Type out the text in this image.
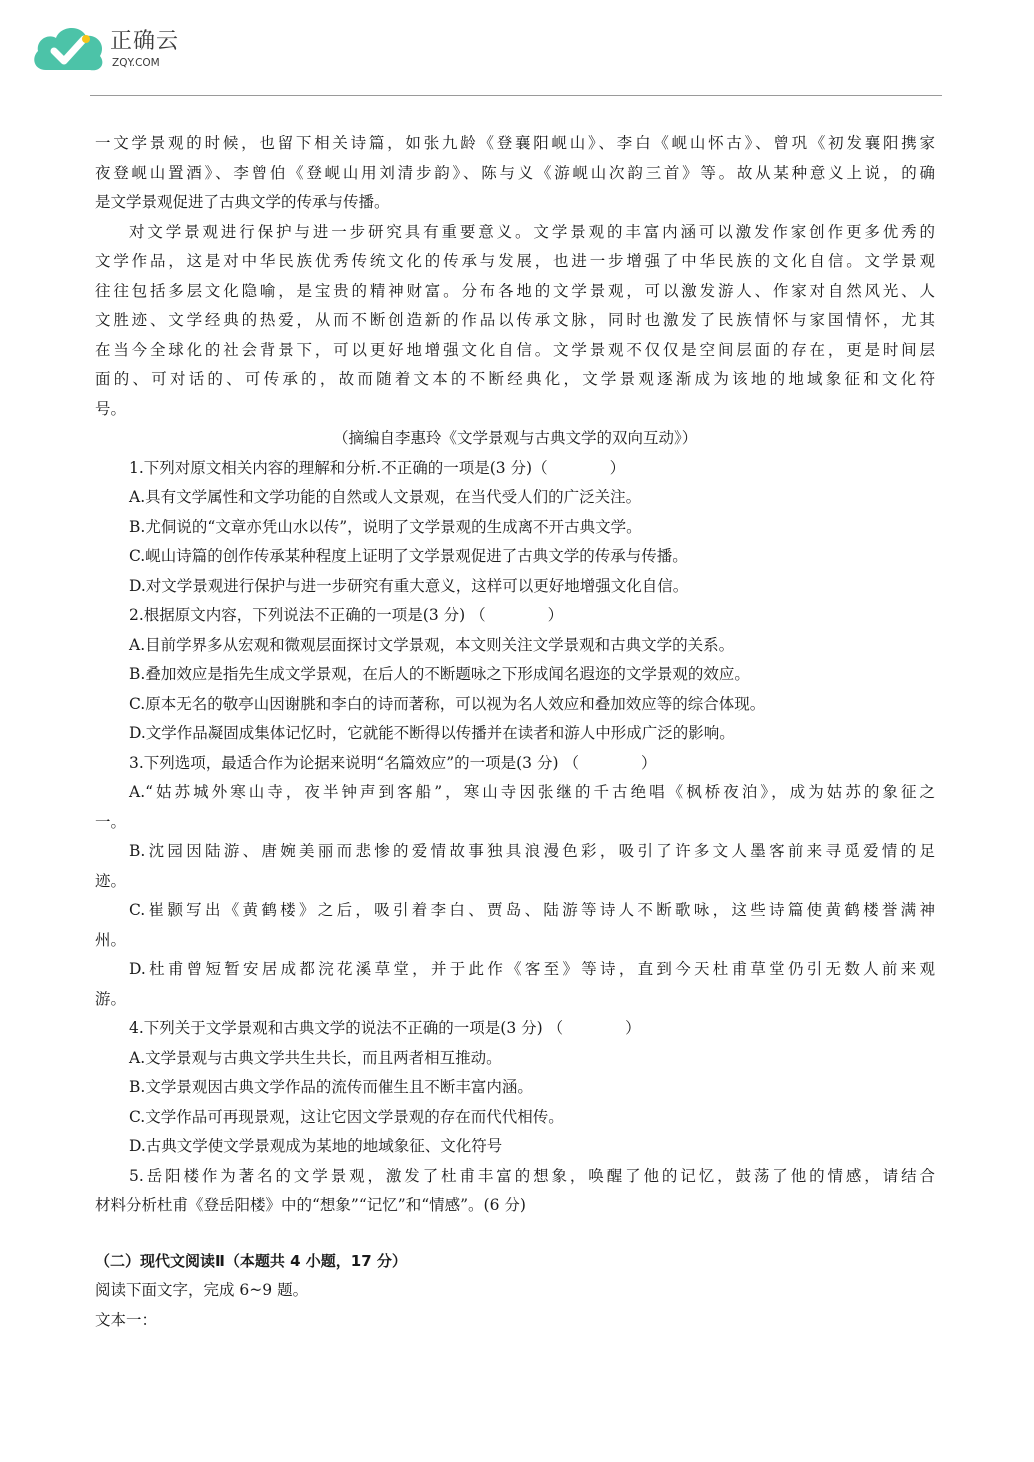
正确云
ZQY.COM
一文学景观的时候，也留下相关诗篇，如张九龄《登襄阳岘山》、李白《岘山怀古》、曾巩《初发襄阳携家
夜登岘山置酒》、李曾伯《登岘山用刘清步韵》、陈与义《游岘山次韵三首》等。故从某种意义上说，的确
是文学景观促进了古典文学的传承与传播。
对文学景观进行保护与进一步研究具有重要意义。文学景观的丰富内涵可以激发作家创作更多优秀的
文学作品，这是对中华民族优秀传统文化的传承与发展，也进一步增强了中华民族的文化自信。文学景观
往往包括多层文化隐喻，是宝贵的精神财富。分布各地的文学景观，可以激发游人、作家对自然风光、人
文胜迹、文学经典的热爱，从而不断创造新的作品以传承文脉，同时也激发了民族情怀与家国情怀，尤其
在当今全球化的社会背景下，可以更好地增强文化自信。文学景观不仅仅是空间层面的存在，更是时间层
面的、可对话的、可传承的，故而随着文本的不断经典化，文学景观逐渐成为该地的地域象征和文化符
号。
（摘编自李惠玲《文学景观与古典文学的双向互动》）
1.下列对原文相关内容的理解和分析.不正确的一项是(3 分)（　　　　）
A.具有文学属性和文学功能的自然或人文景观，在当代受人们的广泛关注。
B.尤侗说的“文章亦凭山水以传”，说明了文学景观的生成离不开古典文学。
C.岘山诗篇的创作传承某种程度上证明了文学景观促进了古典文学的传承与传播。
D.对文学景观进行保护与进一步研究有重大意义，这样可以更好地增强文化自信。
2.根据原文内容，下列说法不正确的一项是(3 分) （　　　　）
A.目前学界多从宏观和微观层面探讨文学景观，本文则关注文学景观和古典文学的关系。
B.叠加效应是指先生成文学景观，在后人的不断题咏之下形成闻名遐迩的文学景观的效应。
C.原本无名的敬亭山因谢朓和李白的诗而著称，可以视为名人效应和叠加效应等的综合体现。
D.文学作品凝固成集体记忆时，它就能不断得以传播并在读者和游人中形成广泛的影响。
3.下列选项，最适合作为论据来说明“名篇效应”的一项是(3 分) （　　　　）
A.“姑苏城外寒山寺，夜半钟声到客船”，寒山寺因张继的千古绝唱《枫桥夜泊》，成为姑苏的象征之
一。
B.沈园因陆游、唐婉美丽而悲惨的爱情故事独具浪漫色彩，吸引了许多文人墨客前来寻觅爱情的足
迹。
C.崔颢写出《黄鹤楼》之后，吸引着李白、贾岛、陆游等诗人不断歌咏，这些诗篇使黄鹤楼誉满神
州。
D.杜甫曾短暂安居成都浣花溪草堂，并于此作《客至》等诗，直到今天杜甫草堂仍引无数人前来观
游。
4.下列关于文学景观和古典文学的说法不正确的一项是(3 分) （　　　　）
A.文学景观与古典文学共生共长，而且两者相互推动。
B.文学景观因古典文学作品的流传而催生且不断丰富内涵。
C.文学作品可再现景观，这让它因文学景观的存在而代代相传。
D.古典文学使文学景观成为某地的地域象征、文化符号
5.岳阳楼作为著名的文学景观，激发了杜甫丰富的想象，唤醒了他的记忆，鼓荡了他的情感，请结合
材料分析杜甫《登岳阳楼》中的“想象”“记忆”和“情感”。(6 分)
（二）现代文阅读Ⅱ（本题共 4 小题，17 分）
阅读下面文字，完成 6~9 题。
文本一：
